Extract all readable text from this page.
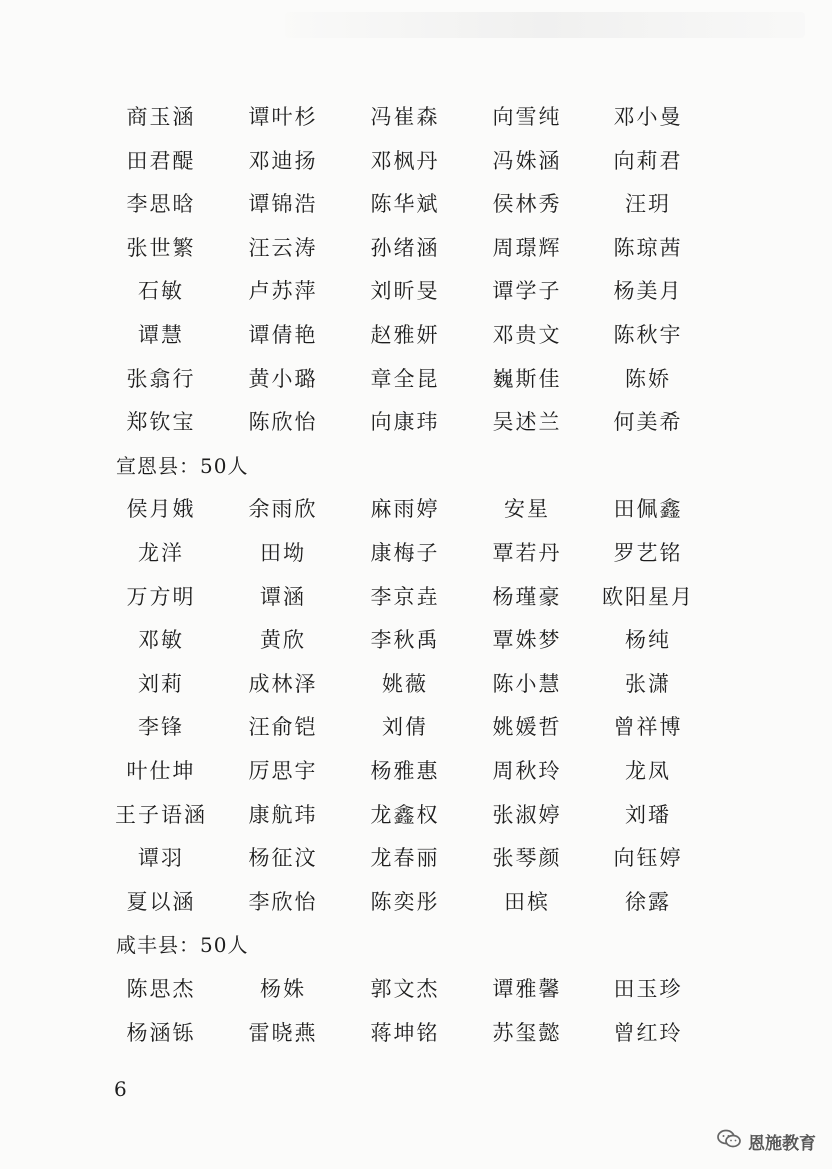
商玉涵	谭叶杉	冯崔森	向雪纯	邓小曼
田君醍	邓迪扬	邓枫丹	冯姝涵	向莉君
李思晗	谭锦浩	陈华斌	侯林秀	汪玥
张世繁	汪云涛	孙绪涵	周璟辉	陈琼茜
石敏	卢苏萍	刘昕旻	谭学子	杨美月
谭慧	谭倩艳	赵雅妍	邓贵文	陈秋宇
张翕行	黄小璐	章全昆	巍斯佳	陈娇
郑钦宝	陈欣怡	向康玮	吴述兰	何美希
宣恩县：50人
侯月娥	余雨欣	麻雨婷	安星	田佩鑫
龙洋	田坳	康梅子	覃若丹	罗艺铭
万方明	谭涵	李京垚	杨瑾豪	欧阳星月
邓敏	黄欣	李秋禹	覃姝梦	杨纯
刘莉	成林泽	姚薇	陈小慧	张潇
李锋	汪俞铠	刘倩	姚媛哲	曾祥博
叶仕坤	厉思宇	杨雅惠	周秋玲	龙凤
王子语涵	康航玮	龙鑫权	张淑婷	刘璠
谭羽	杨征汶	龙春丽	张琴颜	向钰婷
夏以涵	李欣怡	陈奕彤	田槟	徐露
咸丰县：50人
陈思杰	杨姝	郭文杰	谭雅馨	田玉珍
杨涵铄	雷晓燕	蒋坤铭	苏玺懿	曾红玲
6
恩施教育
